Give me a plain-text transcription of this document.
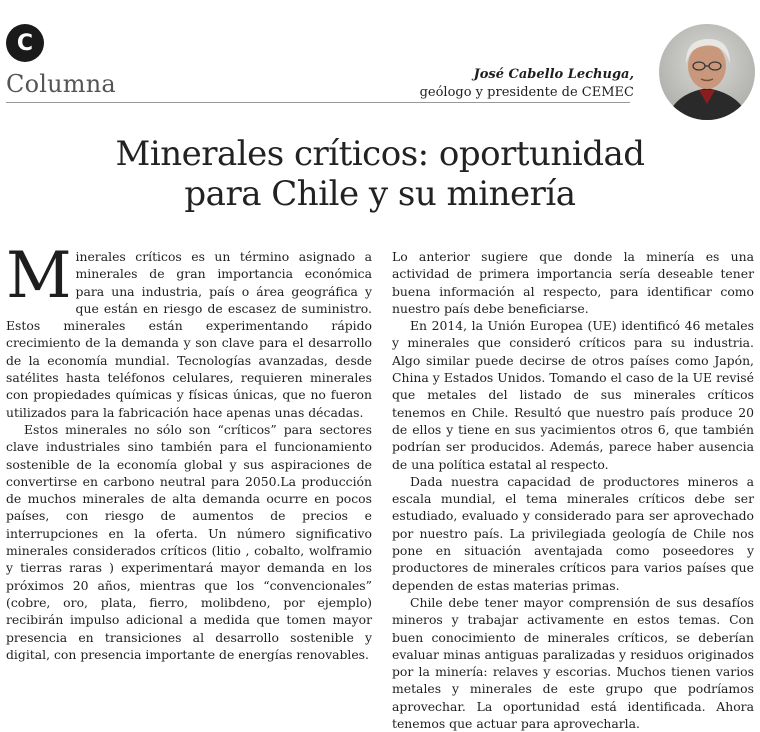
C
Columna	José Cabello Lechuga,
geólogo y presidente de CEMEC
Minerales críticos: oportunidad
para Chile y su minería

Minerales críticos es un término asignado a minerales de gran importancia económica para una industria, país o área geográfica y que están en riesgo de escasez de suministro. Estos minerales están experimentando rápido crecimiento de la demanda y son clave para el desarrollo de la economía mundial. Tecnologías avanzadas, desde satélites hasta teléfonos celulares, requieren minerales con propiedades químicas y físicas únicas, que no fueron utilizados para la fabricación hace apenas unas décadas.

Estos minerales no sólo son “críticos” para sectores clave industriales sino también para el funcionamiento sostenible de la economía global y sus aspiraciones de convertirse en carbono neutral para 2050.La producción de muchos minerales de alta demanda ocurre en pocos países, con riesgo de aumentos de precios e interrupciones en la oferta. Un número significativo minerales considerados críticos (litio , cobalto, wolframio y tierras raras ) experimentará mayor demanda en los próximos 20 años, mientras que los “convencionales” (cobre, oro, plata, fierro, molibdeno, por ejemplo) recibirán impulso adicional a medida que tomen mayor presencia en transiciones al desarrollo sostenible y digital, con presencia importante de energías renovables.

Lo anterior sugiere que donde la minería es una actividad de primera importancia sería deseable tener buena información al respecto, para identificar como nuestro país debe beneficiarse.

En 2014, la Unión Europea (UE) identificó 46 metales y minerales que consideró críticos para su industria. Algo similar puede decirse de otros países como Japón, China y Estados Unidos. Tomando el caso de la UE revisé que metales del listado de sus minerales críticos tenemos en Chile. Resultó que nuestro país produce 20 de ellos y tiene en sus yacimientos otros 6, que también podrían ser producidos. Además, parece haber ausencia de una política estatal al respecto.

Dada nuestra capacidad de productores mineros a escala mundial, el tema minerales críticos debe ser estudiado, evaluado y considerado para ser aprovechado por nuestro país. La privilegiada geología de Chile nos pone en situación aventajada como poseedores y productores de minerales críticos para varios países que dependen de estas materias primas.

Chile debe tener mayor comprensión de sus desafíos mineros y trabajar activamente en estos temas. Con buen conocimiento de minerales críticos, se deberían evaluar minas antiguas paralizadas y residuos originados por la minería: relaves y escorias. Muchos tienen varios metales y minerales de este grupo que podríamos aprovechar. La oportunidad está identificada. Ahora tenemos que actuar para aprovecharla.
